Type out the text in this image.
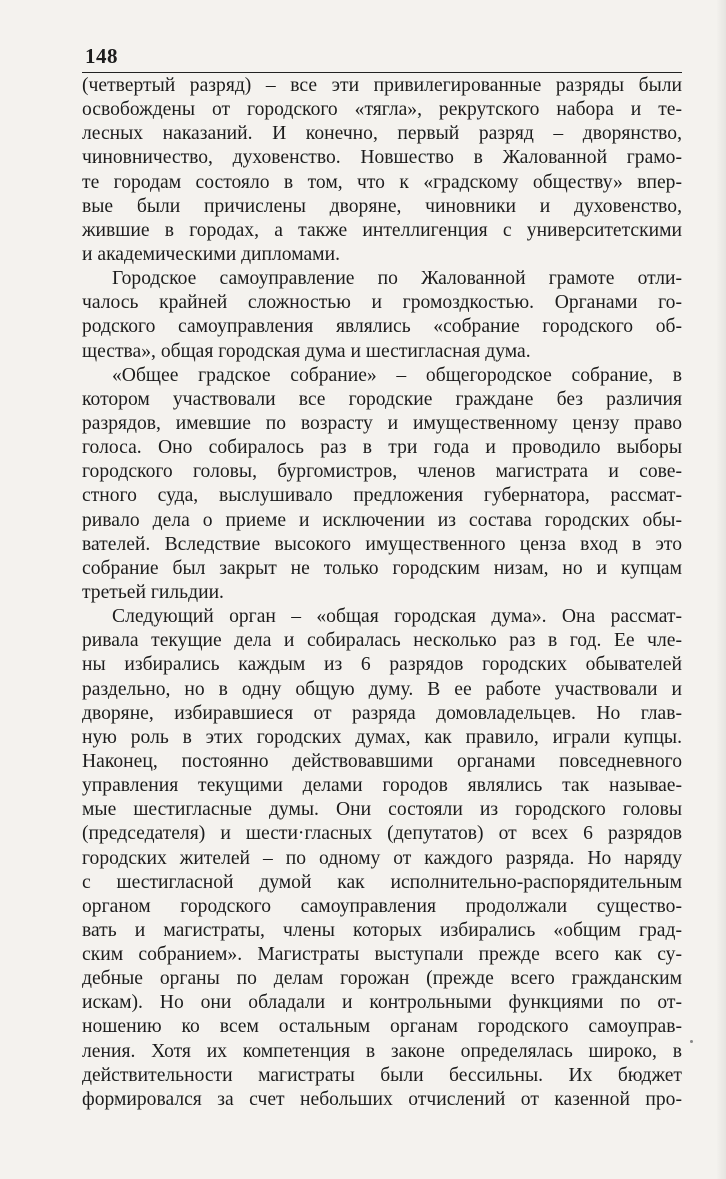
148
(четвертый разряд) – все эти привилегированные разряды были
освобождены от городского «тягла», рекрутского набора и те-
лесных наказаний. И конечно, первый разряд – дворянство,
чиновничество, духовенство. Новшество в Жалованной грамо-
те городам состояло в том, что к «градскому обществу» впер-
вые были причислены дворяне, чиновники и духовенство,
жившие в городах, а также интеллигенция с университетскими
и академическими дипломами.
Городское самоуправление по Жалованной грамоте отли-
чалось крайней сложностью и громоздкостью. Органами го-
родского самоуправления являлись «собрание городского об-
щества», общая городская дума и шестигласная дума.
«Общее градское собрание» – общегородское собрание, в
котором участвовали все городские граждане без различия
разрядов, имевшие по возрасту и имущественному цензу право
голоса. Оно собиралось раз в три года и проводило выборы
городского головы, бургомистров, членов магистрата и сове-
стного суда, выслушивало предложения губернатора, рассмат-
ривало дела о приеме и исключении из состава городских обы-
вателей. Вследствие высокого имущественного ценза вход в это
собрание был закрыт не только городским низам, но и купцам
третьей гильдии.
Следующий орган – «общая городская дума». Она рассмат-
ривала текущие дела и собиралась несколько раз в год. Ее чле-
ны избирались каждым из 6 разрядов городских обывателей
раздельно, но в одну общую думу. В ее работе участвовали и
дворяне, избиравшиеся от разряда домовладельцев. Но глав-
ную роль в этих городских думах, как правило, играли купцы.
Наконец, постоянно действовавшими органами повседневного
управления текущими делами городов являлись так называе-
мые шестигласные думы. Они состояли из городского головы
(председателя) и шести·гласных (депутатов) от всех 6 разрядов
городских жителей – по одному от каждого разряда. Но наряду
с шестигласной думой как исполнительно-распорядительным
органом городского самоуправления продолжали существо-
вать и магистраты, члены которых избирались «общим град-
ским собранием». Магистраты выступали прежде всего как су-
дебные органы по делам горожан (прежде всего гражданским
искам). Но они обладали и контрольными функциями по от-
ношению ко всем остальным органам городского самоуправ-
ления. Хотя их компетенция в законе определялась широко, в
действительности магистраты были бессильны. Их бюджет
формировался за счет небольших отчислений от казенной про-
